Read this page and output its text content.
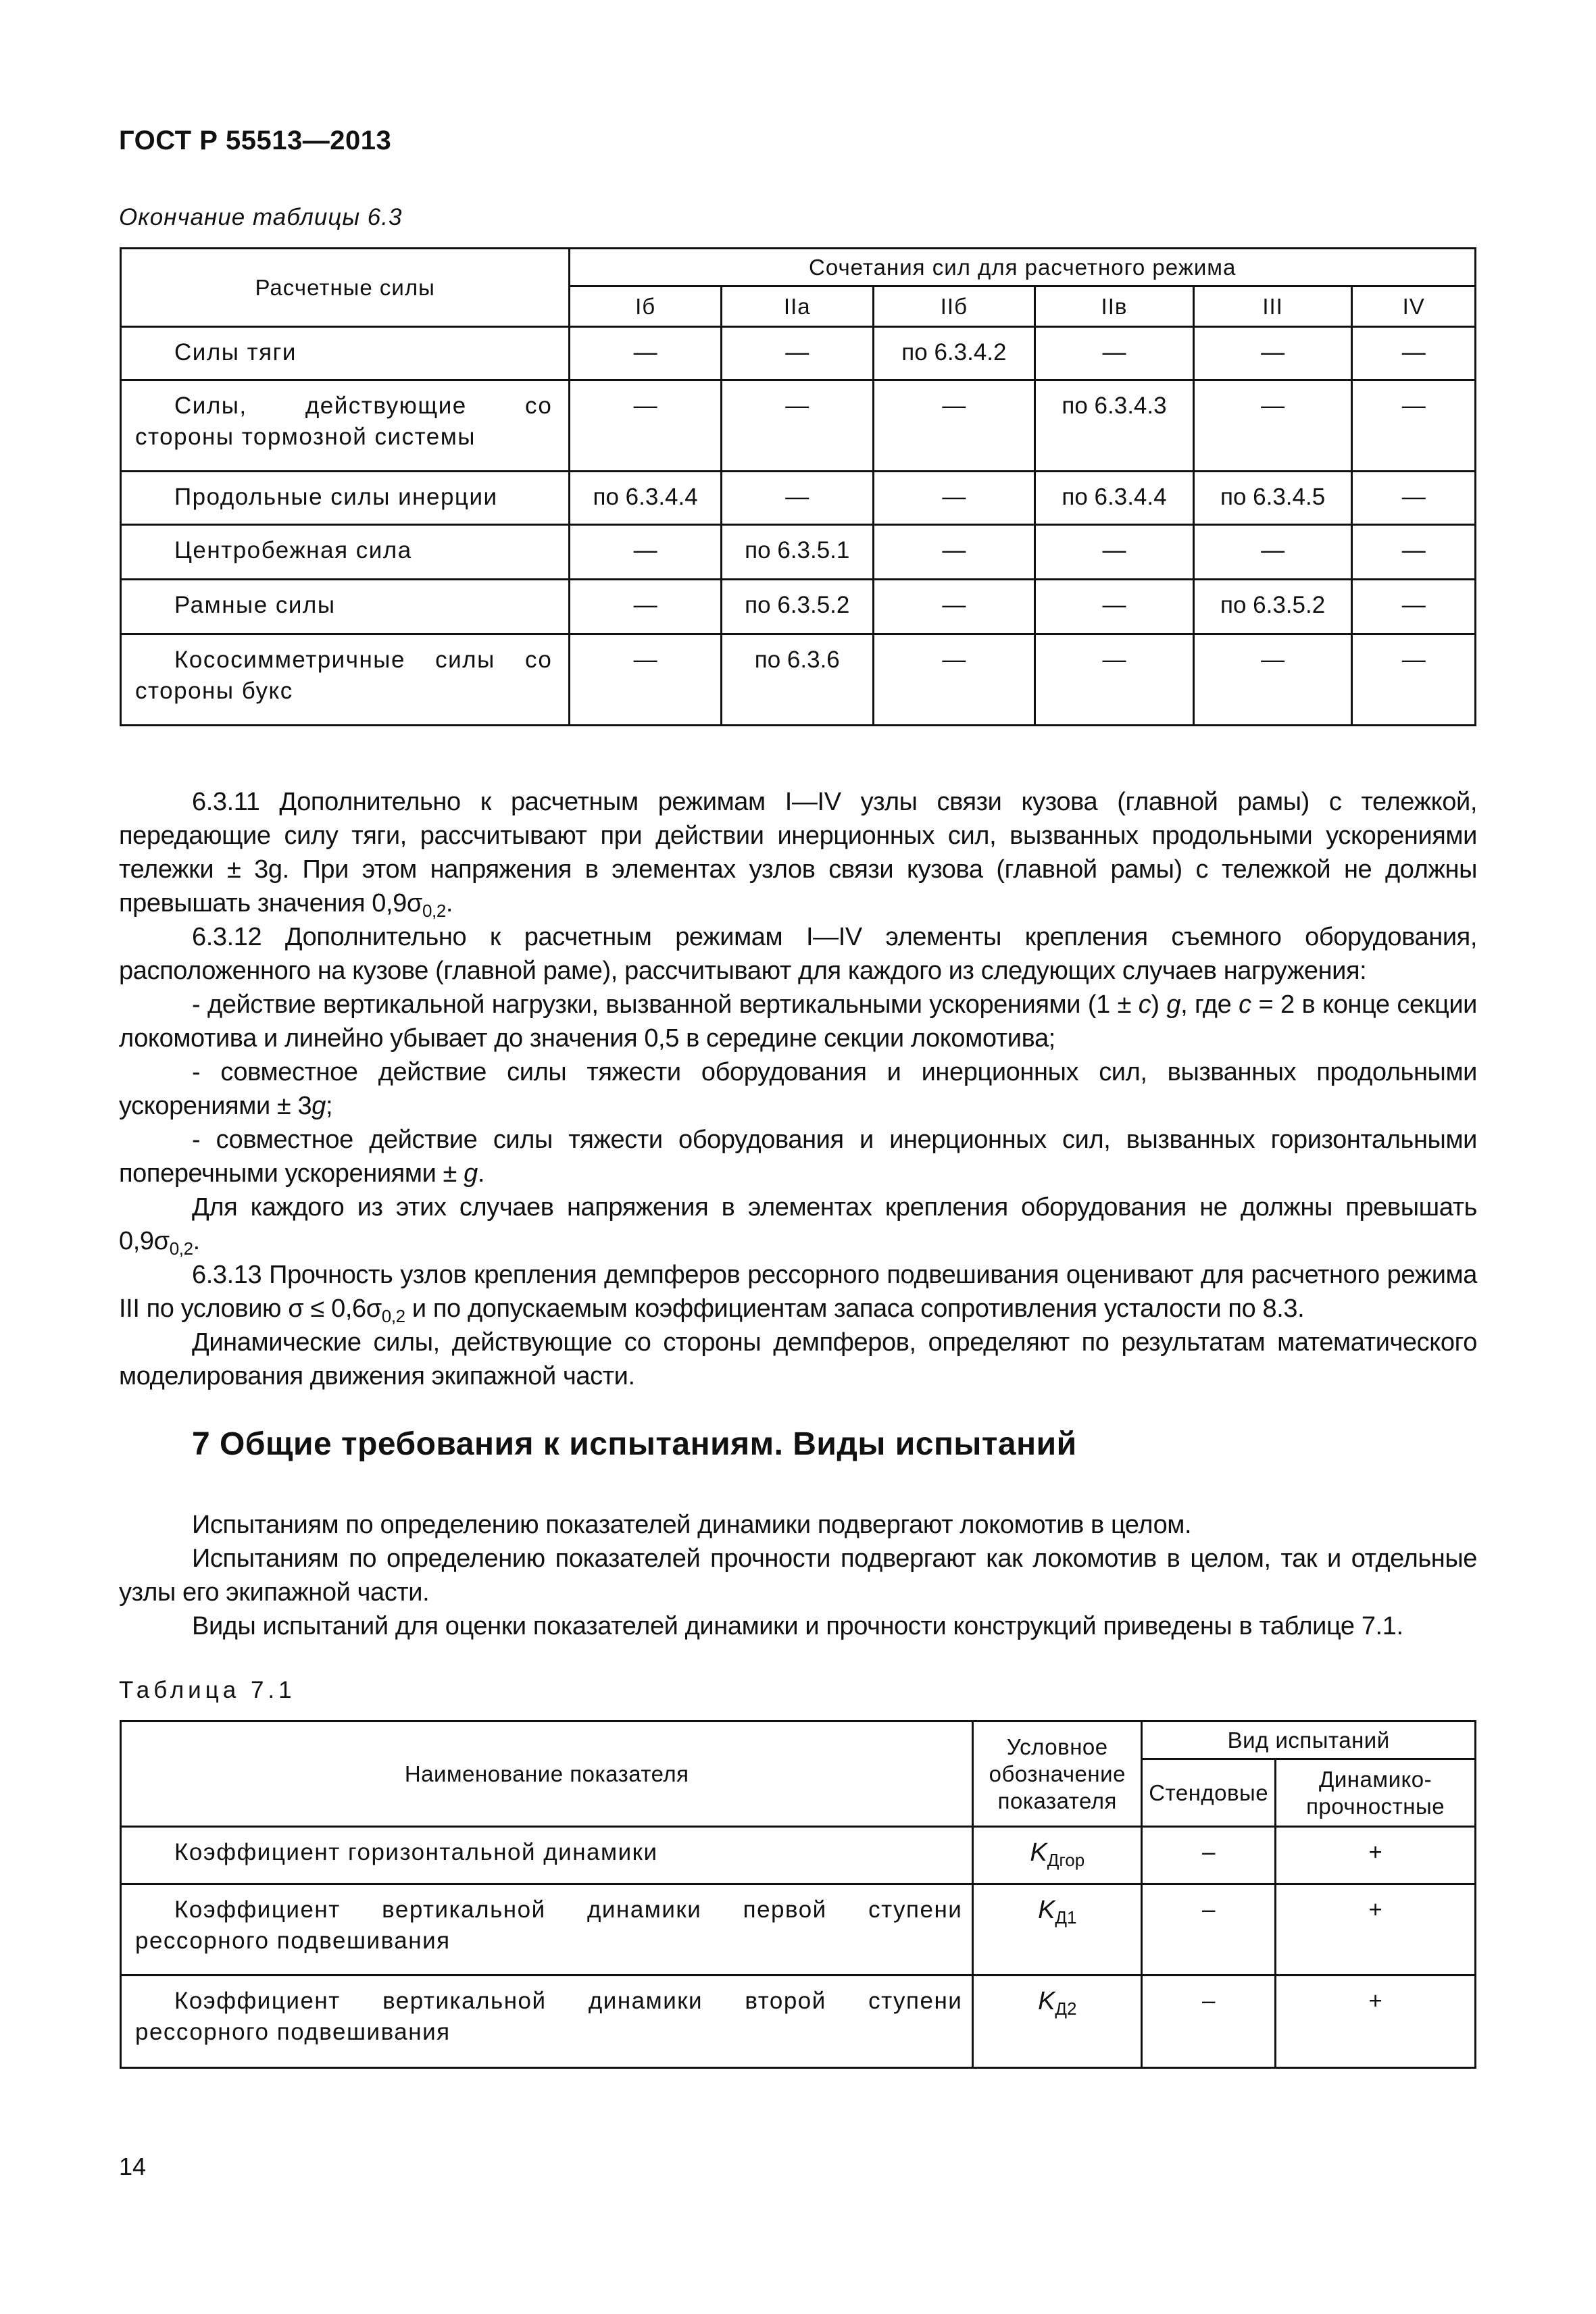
ГОСТ Р 55513—2013
Окончание таблицы 6.3
Расчетные силы	Сочетания сил для расчетного режима					
	Iб	IIa	IIб	IIв	III	IV
Силы тяги	—	—	по 6.3.4.2	—	—	—
Силы, действующие со стороны тормозной системы	—	—	—	по 6.3.4.3	—	—
Продольные силы инерции	по 6.3.4.4	—	—	по 6.3.4.4	по 6.3.4.5	—
Центробежная сила	—	по 6.3.5.1	—	—	—	—
Рамные силы	—	по 6.3.5.2	—	—	по 6.3.5.2	—
Кососимметричные силы со стороны букс	—	по 6.3.6	—	—	—	—

6.3.11 Дополнительно к расчетным режимам I—IV узлы связи кузова (главной рамы) с тележкой, передающие силу тяги, рассчитывают при действии инерционных сил, вызванных продольными ускорениями тележки ± 3g. При этом напряжения в элементах узлов связи кузова (главной рамы) с тележкой не должны превышать значения $0,9\sigma_{0,2}$.

6.3.12 Дополнительно к расчетным режимам I—IV элементы крепления съемного оборудования, расположенного на кузове (главной раме), рассчитывают для каждого из следующих случаев нагружения:

- действие вертикальной нагрузки, вызванной вертикальными ускорениями (1 ± c) g, где c = 2 в конце секции локомотива и линейно убывает до значения 0,5 в середине секции локомотива;

- совместное действие силы тяжести оборудования и инерционных сил, вызванных продольными ускорениями ± 3g;

- совместное действие силы тяжести оборудования и инерционных сил, вызванных горизонтальными поперечными ускорениями ± g.

Для каждого из этих случаев напряжения в элементах крепления оборудования не должны превышать $0,9\sigma_{0,2}$.

6.3.13 Прочность узлов крепления демпферов рессорного подвешивания оценивают для расчетного режима III по условию $\sigma \le 0,6\sigma_{0,2}$ и по допускаемым коэффициентам запаса сопротивления усталости по 8.3.

Динамические силы, действующие со стороны демпферов, определяют по результатам математического моделирования движения экипажной части.

7 Общие требования к испытаниям. Виды испытаний

Испытаниям по определению показателей динамики подвергают локомотив в целом.

Испытаниям по определению показателей прочности подвергают как локомотив в целом, так и отдельные узлы его экипажной части.

Виды испытаний для оценки показателей динамики и прочности конструкций приведены в таблице 7.1.

Таблица 7.1
Наименование показателя	Условное обозначение показателя	Вид испытаний	
		Стендовые	Динамико-прочностные
Коэффициент горизонтальной динамики	$K_{Дгор}$	–	+
Коэффициент вертикальной динамики первой ступени рессорного подвешивания	$K_{Д1}$	–	+
Коэффициент вертикальной динамики второй ступени рессорного подвешивания	$K_{Д2}$	–	+
14
